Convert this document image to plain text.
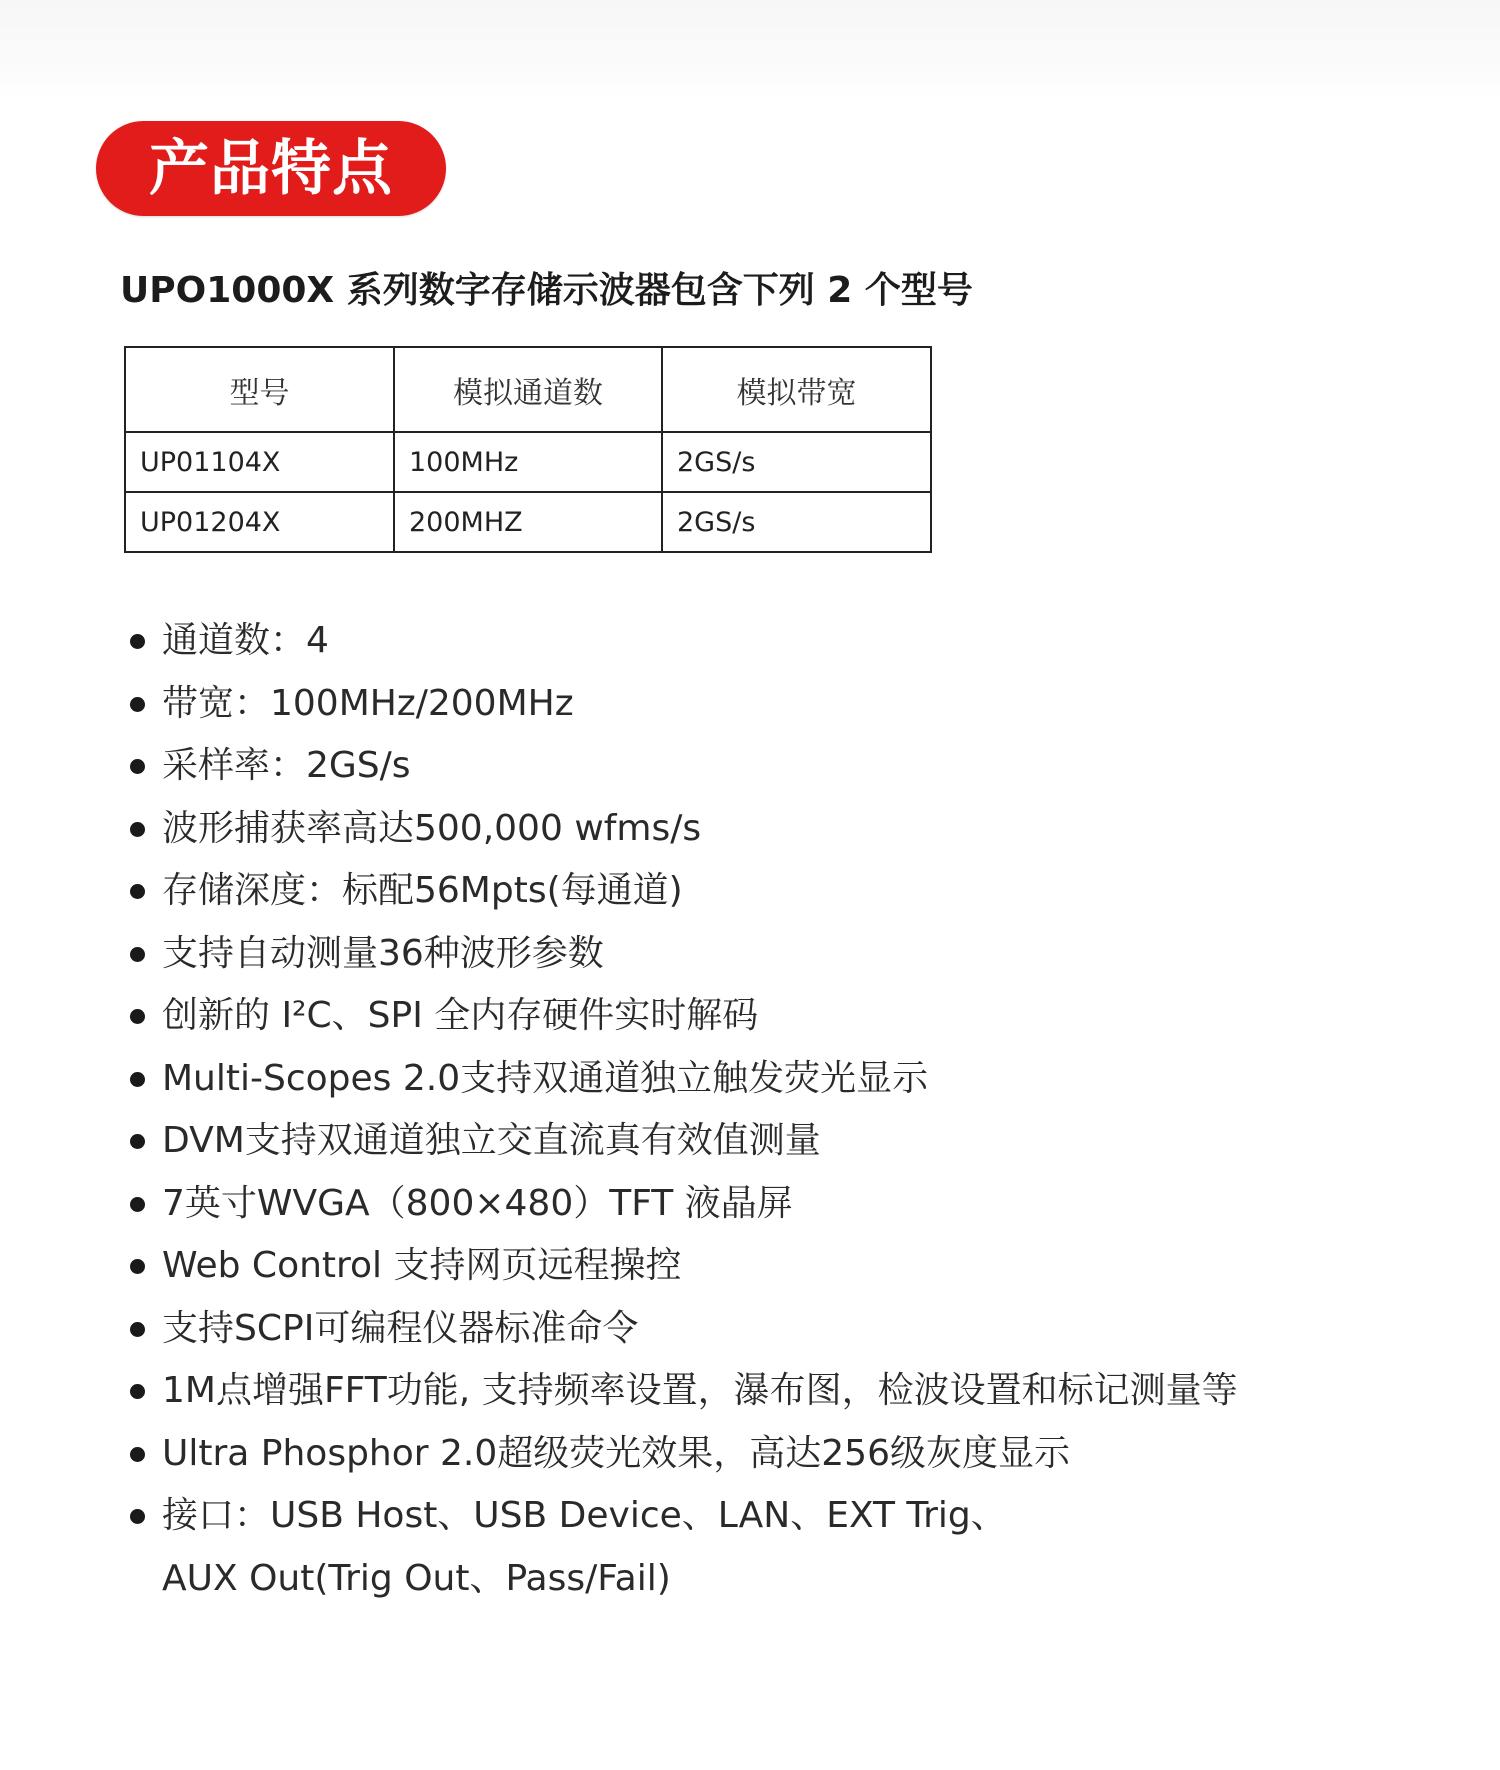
产品特点
UPO1000X 系列数字存储示波器包含下列 2 个型号
型号	模拟通道数	模拟带宽
UP01104X	100MHz	2GS/s
UP01204X	200MHZ	2GS/s
通道数：4
带宽：100MHz/200MHz
采样率：2GS/s
波形捕获率高达500,000 wfms/s
存储深度：标配56Mpts(每通道)
支持自动测量36种波形参数
创新的 I²C、SPI 全内存硬件实时解码
Multi-Scopes 2.0支持双通道独立触发荧光显示
DVM支持双通道独立交直流真有效值测量
7英寸WVGA（800×480）TFT 液晶屏
Web Control 支持网页远程操控
支持SCPI可编程仪器标准命令
1M点增强FFT功能, 支持频率设置，瀑布图，检波设置和标记测量等
Ultra Phosphor 2.0超级荧光效果，高达256级灰度显示
接口：USB Host、USB Device、LAN、EXT Trig、
AUX Out(Trig Out、Pass/Fail)
